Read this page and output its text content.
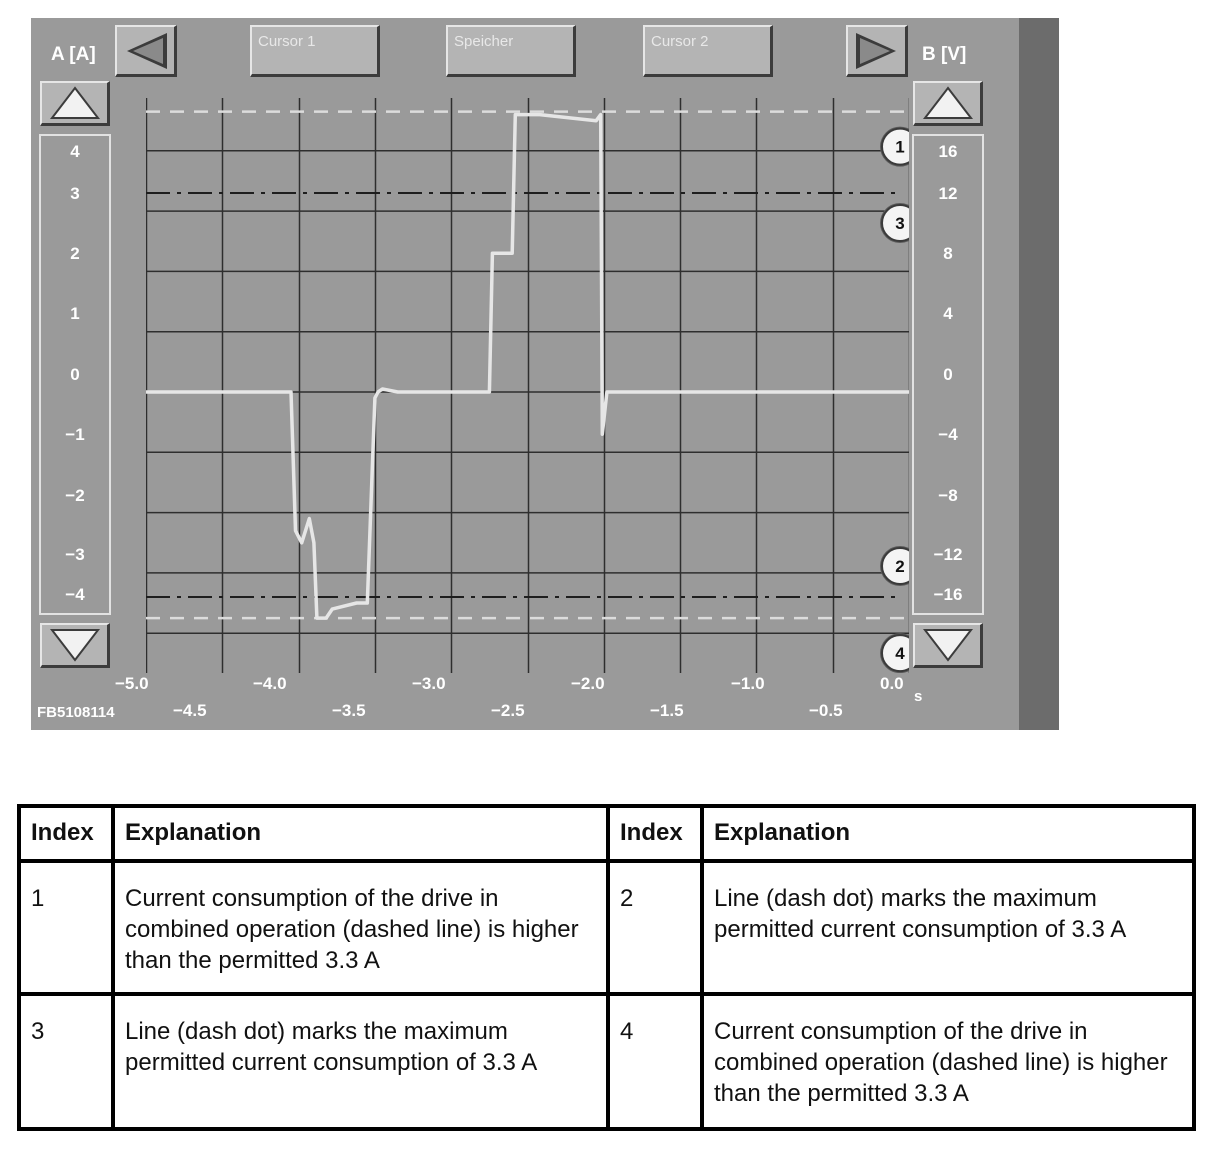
A [A]	B [V]
Cursor 1	Speicher	Cursor 2
4
3
2
1
0
−1
−2
−3
−4
16
12
8
4
0
−4
−8
−12
−16
−5.0	−4.0	−3.0	−2.0	−1.0	0.0
−4.5	−3.5	−2.5	−1.5	−0.5
s
FB5108114
1
3
2
4
Index	Explanation	Index	Explanation
1	Current consumption of the drive in combined operation (dashed line) is higher than the permitted 3.3 A	2	Line (dash dot) marks the maximum permitted current consumption of 3.3 A
3	Line (dash dot) marks the maximum permitted current consumption of 3.3 A	4	Current consumption of the drive in combined operation (dashed line) is higher than the permitted 3.3 A
